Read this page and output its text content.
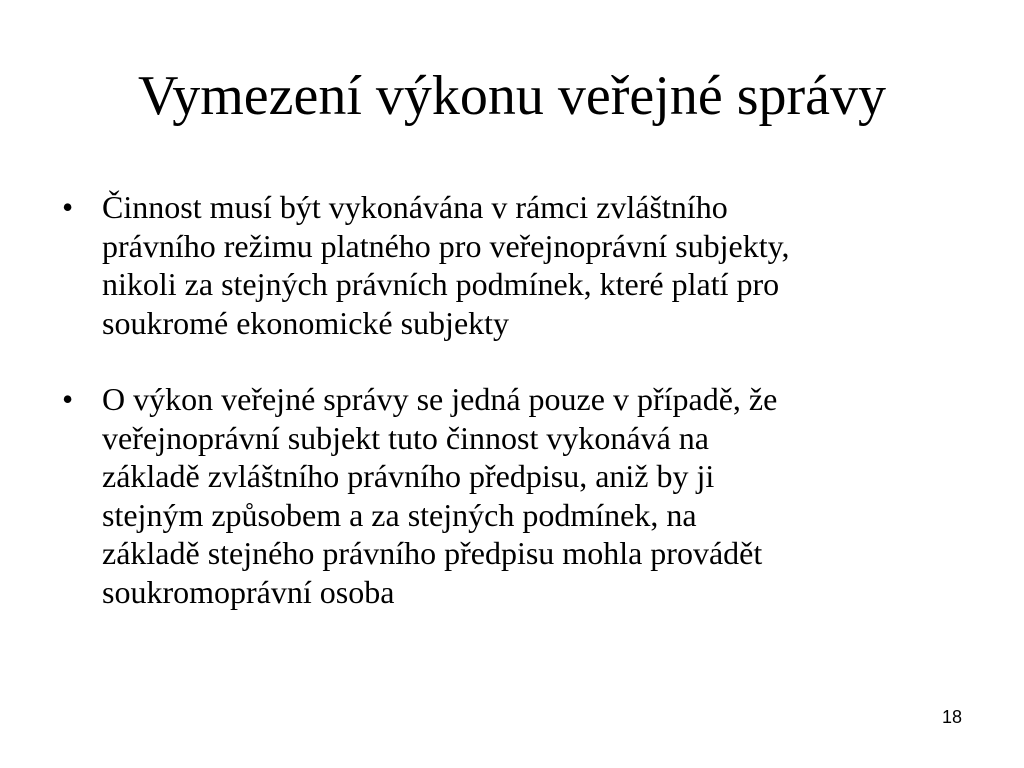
Vymezení výkonu veřejné správy
• Činnost musí být vykonávána v rámci zvláštního
právního režimu platného pro veřejnoprávní subjekty,
nikoli za stejných právních podmínek, které platí pro
soukromé ekonomické subjekty
• O výkon veřejné správy se jedná pouze v případě, že
veřejnoprávní subjekt tuto činnost vykonává na
základě zvláštního právního předpisu, aniž by ji
stejným způsobem a za stejných podmínek, na
základě stejného právního předpisu mohla provádět
soukromoprávní osoba
18
